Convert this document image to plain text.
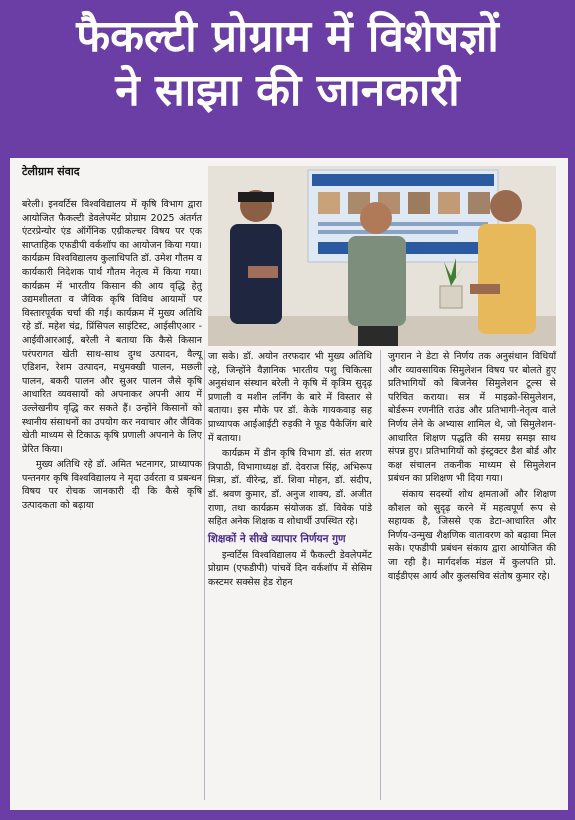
फैकल्टी प्रोग्राम में विशेषज्ञों
ने साझा की जानकारी
टेलीग्राम संवाद

बरेली। इनवर्टिस विश्वविद्यालय में कृषि विभाग द्वारा आयोजित फैकल्टी डेवलेपमेंट प्रोग्राम 2025 अंतर्गत एंटरप्रेन्योर एंड ऑर्गेनिक एग्रीकल्चर विषय पर एक साप्ताहिक एफडीपी वर्कशॉप का आयोजन किया गया। कार्यक्रम विश्वविद्यालय कुलाधिपति डॉ. उमेश गौतम व कार्यकारी निदेशक पार्थ गौतम नेतृत्व में किया गया। कार्यक्रम में भारतीय किसान की आय वृद्धि हेतु उद्यमशीलता व जैविक कृषि विविध आयामों पर विस्तारपूर्वक चर्चा की गई। कार्यक्रम में मुख्य अतिथि रहे डॉ. महेश चंद्र, प्रिंसिपल साइंटिस्ट, आईसीएआर - आईवीआरआई, बरेली ने बताया कि कैसे किसान परंपरागत खेती साथ-साथ दुग्ध उत्पादन, वैल्यू एडिशन, रेशम उत्पादन, मधुमक्खी पालन, मछली पालन, बकरी पालन और सुअर पालन जैसे कृषि आधारित व्यवसायों को अपनाकर अपनी आय में उल्लेखनीय वृद्धि कर सकते हैं। उन्होंने किसानों को स्थानीय संसाधनों का उपयोग कर नवाचार और जैविक खेती माध्यम से टिकाऊ कृषि प्रणाली अपनाने के लिए प्रेरित किया।

मुख्य अतिथि रहे डॉ. अमित भटनागर, प्राध्यापक पन्तनगर कृषि विश्वविद्यालय ने मृदा उर्वरता व प्रबन्धन विषय पर रोचक जानकारी दी कि कैसे कृषि उत्पादकता को बढ़ाया

जा सके। डॉ. अयोन तरफदार भी मुख्य अतिथि रहे, जिन्होंने वैज्ञानिक भारतीय पशु चिकित्सा अनुसंधान संस्थान बरेली ने कृषि में कृत्रिम सुदृढ़ प्रणाली व मशीन लर्निंग के बारे में विस्तार से बताया। इस मौके पर डॉ. केके गायकवाड़ सह प्राध्यापक आईआईटी रुड़की ने फूड पैकेजिंग बारे में बताया।

कार्यक्रम में डीन कृषि विभाग डॉ. संत शरण त्रिपाठी, विभागाध्यक्ष डॉ. देवराज सिंह, अभिरूप मित्रा, डॉ. वीरेन्द्र, डॉ. शिवा मोहन, डॉ. संदीप, डॉ. श्रवण कुमार, डॉ. अनुज शाक्य, डॉ. अजीत राणा, तथा कार्यक्रम संयोजक डॉ. विवेक पांडे सहित अनेक शिक्षक व शोधार्थी उपस्थित रहे।

शिक्षकों ने सीखे व्यापार निर्णयन गुण

इन्वर्टिस विश्वविद्यालय में फैकल्टी डेवलेपमेंट प्रोग्राम (एफडीपी) पांचवें दिन वर्कशॉप में सेसिम कस्टमर सक्सेस हेड रोहन

जुगरान ने डेटा से निर्णय तक अनुसंधान विधियाँ और व्यावसायिक सिमुलेशन विषय पर बोलते हुए प्रतिभागियों को बिजनेस सिमुलेशन टूल्स से परिचित कराया। सत्र में माइक्रो-सिमुलेशन, बोर्डरूम रणनीति राउंड और प्रतिभागी-नेतृत्व वाले निर्णय लेने के अभ्यास शामिल थे, जो सिमुलेशन- आधारित शिक्षण पद्धति की समग्र समझ साथ संपन्न हुए। प्रतिभागियों को इंस्ट्रक्टर डैश बोर्ड और कक्ष संचालन तकनीक माध्यम से सिमुलेशन प्रबंधन का प्रशिक्षण भी दिया गया।

संकाय सदस्यों शोध क्षमताओं और शिक्षण कौशल को सुदृढ़ करने में महत्वपूर्ण रूप से सहायक है, जिससे एक डेटा-आधारित और निर्णय-उन्मुख शैक्षणिक वातावरण को बढ़ावा मिल सके। एफडीपी प्रबंधन संकाय द्वारा आयोजित की जा रही है। मार्गदर्शक मंडल में कुलपति प्रो. वाईडीएस आर्य और कुलसचिव संतोष कुमार रहे।
